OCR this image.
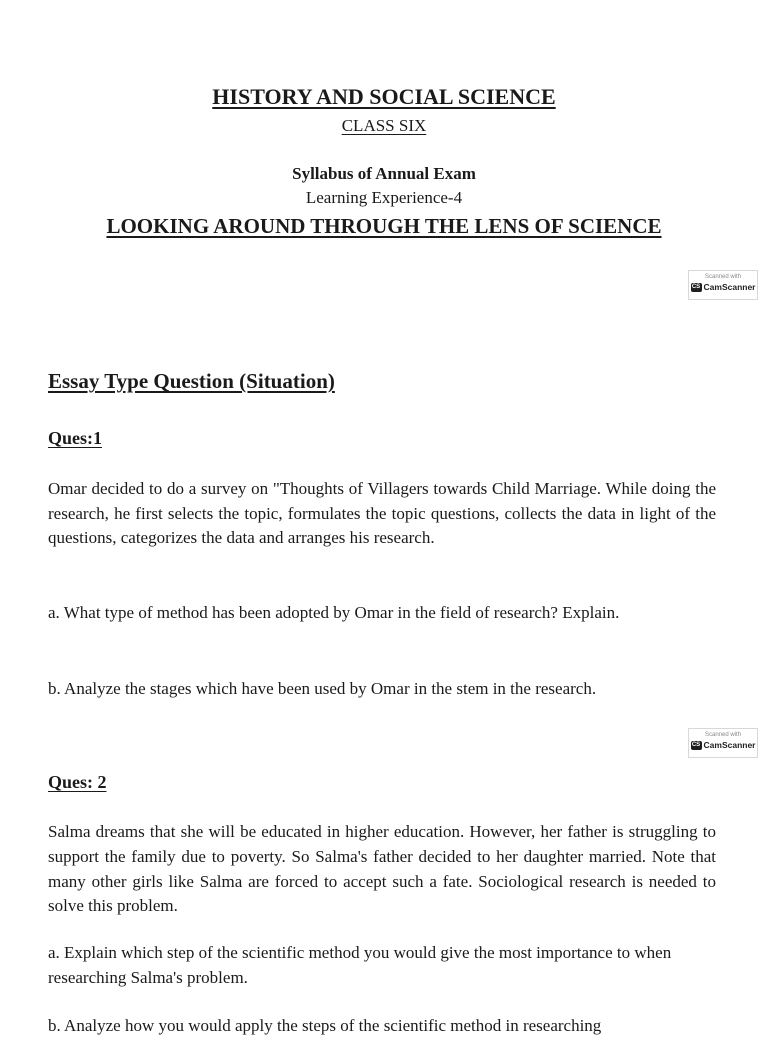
HISTORY AND SOCIAL SCIENCE
CLASS SIX
Syllabus of Annual Exam
Learning Experience-4
LOOKING AROUND THROUGH THE LENS OF SCIENCE
Scanned with
CS CamScanner
Essay Type Question (Situation)
Ques:1
Omar decided to do a survey on "Thoughts of Villagers towards Child Marriage. While doing the research, he first selects the topic, formulates the topic questions, collects the data in light of the questions, categorizes the data and arranges his research.
a. What type of method has been adopted by Omar in the field of research? Explain.
b. Analyze the stages which have been used by Omar in the stem in the research.
Scanned with
CS CamScanner
Ques: 2
Salma dreams that she will be educated in higher education. However, her father is struggling to support the family due to poverty. So Salma's father decided to her daughter married. Note that many other girls like Salma are forced to accept such a fate. Sociological research is needed to solve this problem.
a. Explain which step of the scientific method you would give the most importance to when researching Salma's problem.
b. Analyze how you would apply the steps of the scientific method in researching
